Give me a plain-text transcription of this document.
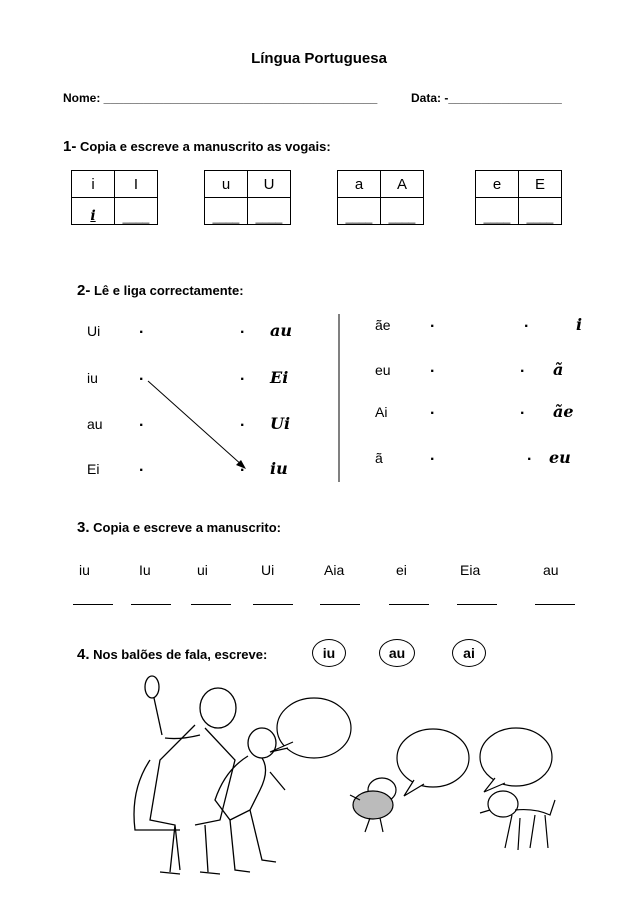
Língua Portuguesa
Nome: _________________________________________	Data: -_________________
1- Copia e escreve a manuscrito as vogais:
i	I
i	____
u	U
____	____
a	A
____	____
e	E
____	____
2- Lê e liga correctamente:
Ui
iu
au
Ei
.
.
.
.
.
.
.
au
Ei
Ui
iu
ãe
eu
Ai
ã
.
.
.
.
.
.
.
.
i
ã
ãe
eu
3. Copia e escreve a manuscrito:
iu	Iu	ui	Ui	Aia	ei	Eia	au
4. Nos balões de fala, escreve:	iu	au	ai
